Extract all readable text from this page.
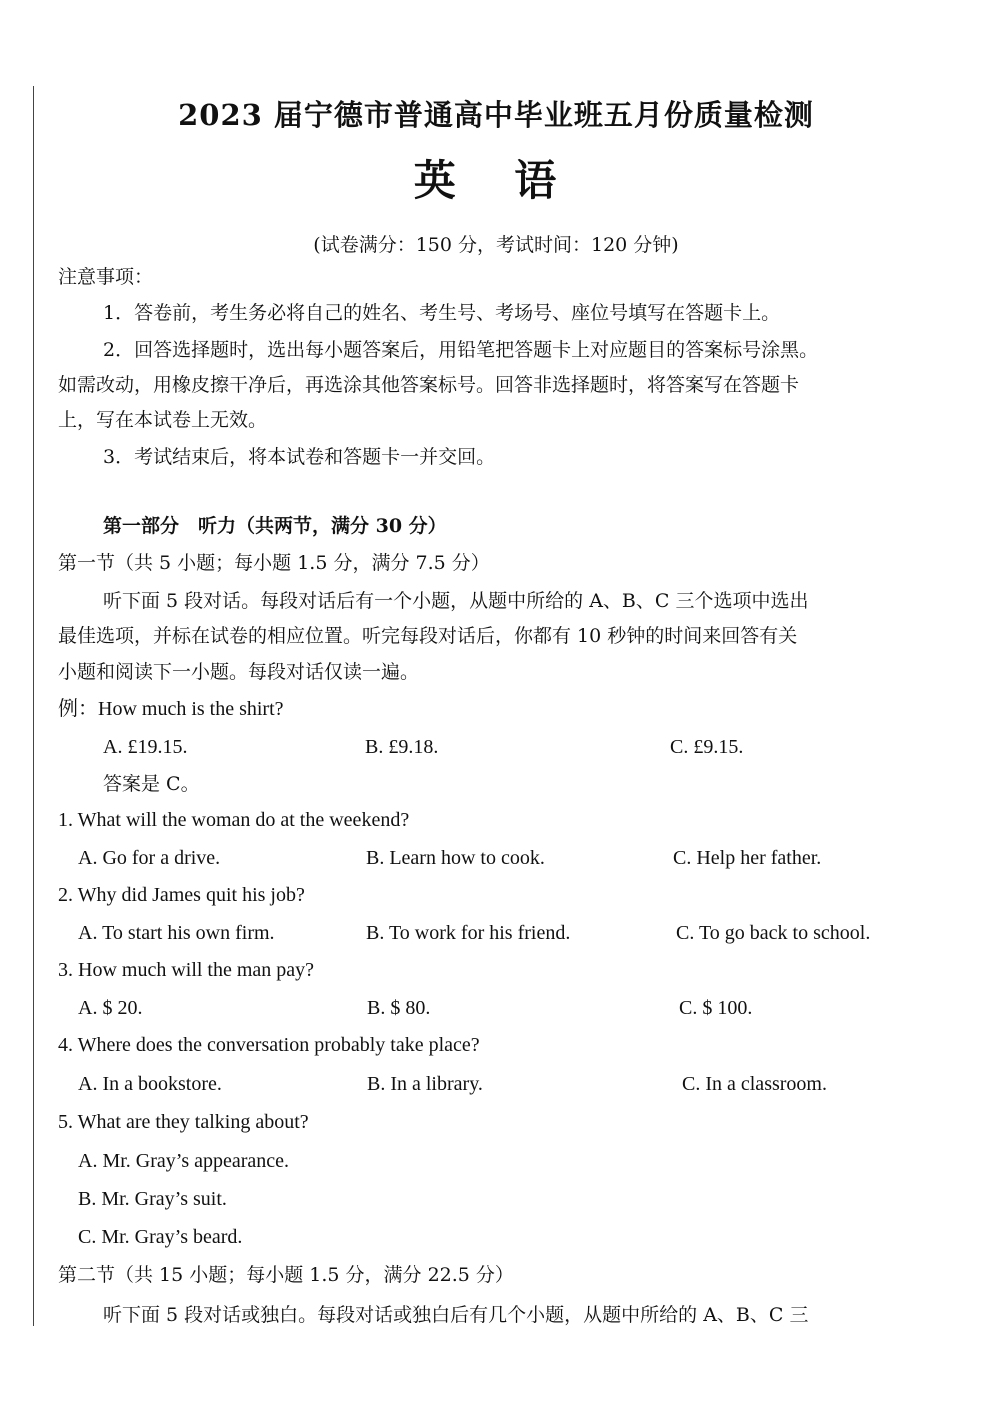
2023 届宁德市普通高中毕业班五月份质量检测
英 语
(试卷满分：150 分，考试时间：120 分钟)
注意事项：
1．答卷前，考生务必将自己的姓名、考生号、考场号、座位号填写在答题卡上。
2．回答选择题时，选出每小题答案后，用铅笔把答题卡上对应题目的答案标号涂黑。
如需改动，用橡皮擦干净后，再选涂其他答案标号。回答非选择题时，将答案写在答题卡
上，写在本试卷上无效。
3．考试结束后，将本试卷和答题卡一并交回。
第一部分　听力（共两节，满分 30 分）
第一节（共 5 小题；每小题 1.5 分，满分 7.5 分）
听下面 5 段对话。每段对话后有一个小题，从题中所给的 A、B、C 三个选项中选出
最佳选项，并标在试卷的相应位置。听完每段对话后，你都有 10 秒钟的时间来回答有关
小题和阅读下一小题。每段对话仅读一遍。
例：How much is the shirt?
A. £19.15.	B. £9.18.	C. £9.15.
答案是 C。
1. What will the woman do at the weekend?
A. Go for a drive.	B. Learn how to cook.	C. Help her father.
2. Why did James quit his job?
A. To start his own firm.	B. To work for his friend.	C. To go back to school.
3. How much will the man pay?
A. $ 20.	B. $ 80.	C. $ 100.
4. Where does the conversation probably take place?
A. In a bookstore.	B. In a library.	C. In a classroom.
5. What are they talking about?
A. Mr. Gray’s appearance.
B. Mr. Gray’s suit.
C. Mr. Gray’s beard.
第二节（共 15 小题；每小题 1.5 分，满分 22.5 分）
听下面 5 段对话或独白。每段对话或独白后有几个小题，从题中所给的 A、B、C 三
